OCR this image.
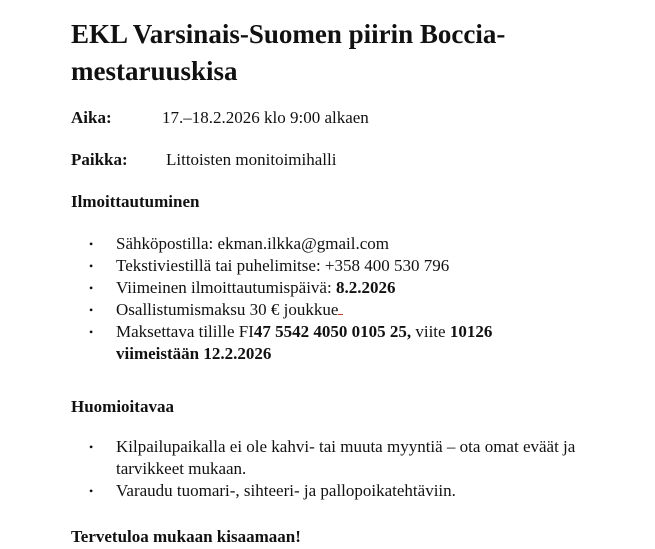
EKL Varsinais-Suomen piirin Boccia-mestaruuskisa
Aika:	17.–18.2.2026 klo 9:00 alkaen
Paikka: Littoisten monitoimihalli
Ilmoittautuminen
• Sähköpostilla: ekman.ilkka@gmail.com
• Tekstiviestillä tai puhelimitse: +358 400 530 796
• Viimeinen ilmoittautumispäivä: 8.2.2026
• Osallistumismaksu 30 € joukkue
• Maksettava tilille FI47 5542 4050 0105 25, viite 10126
viimeistään 12.2.2026
Huomioitavaa
• Kilpailupaikalla ei ole kahvi- tai muuta myyntiä – ota omat eväät ja tarvikkeet mukaan.
• Varaudu tuomari-, sihteeri- ja pallopoikatehtäviin.
Tervetuloa mukaan kisaamaan!
